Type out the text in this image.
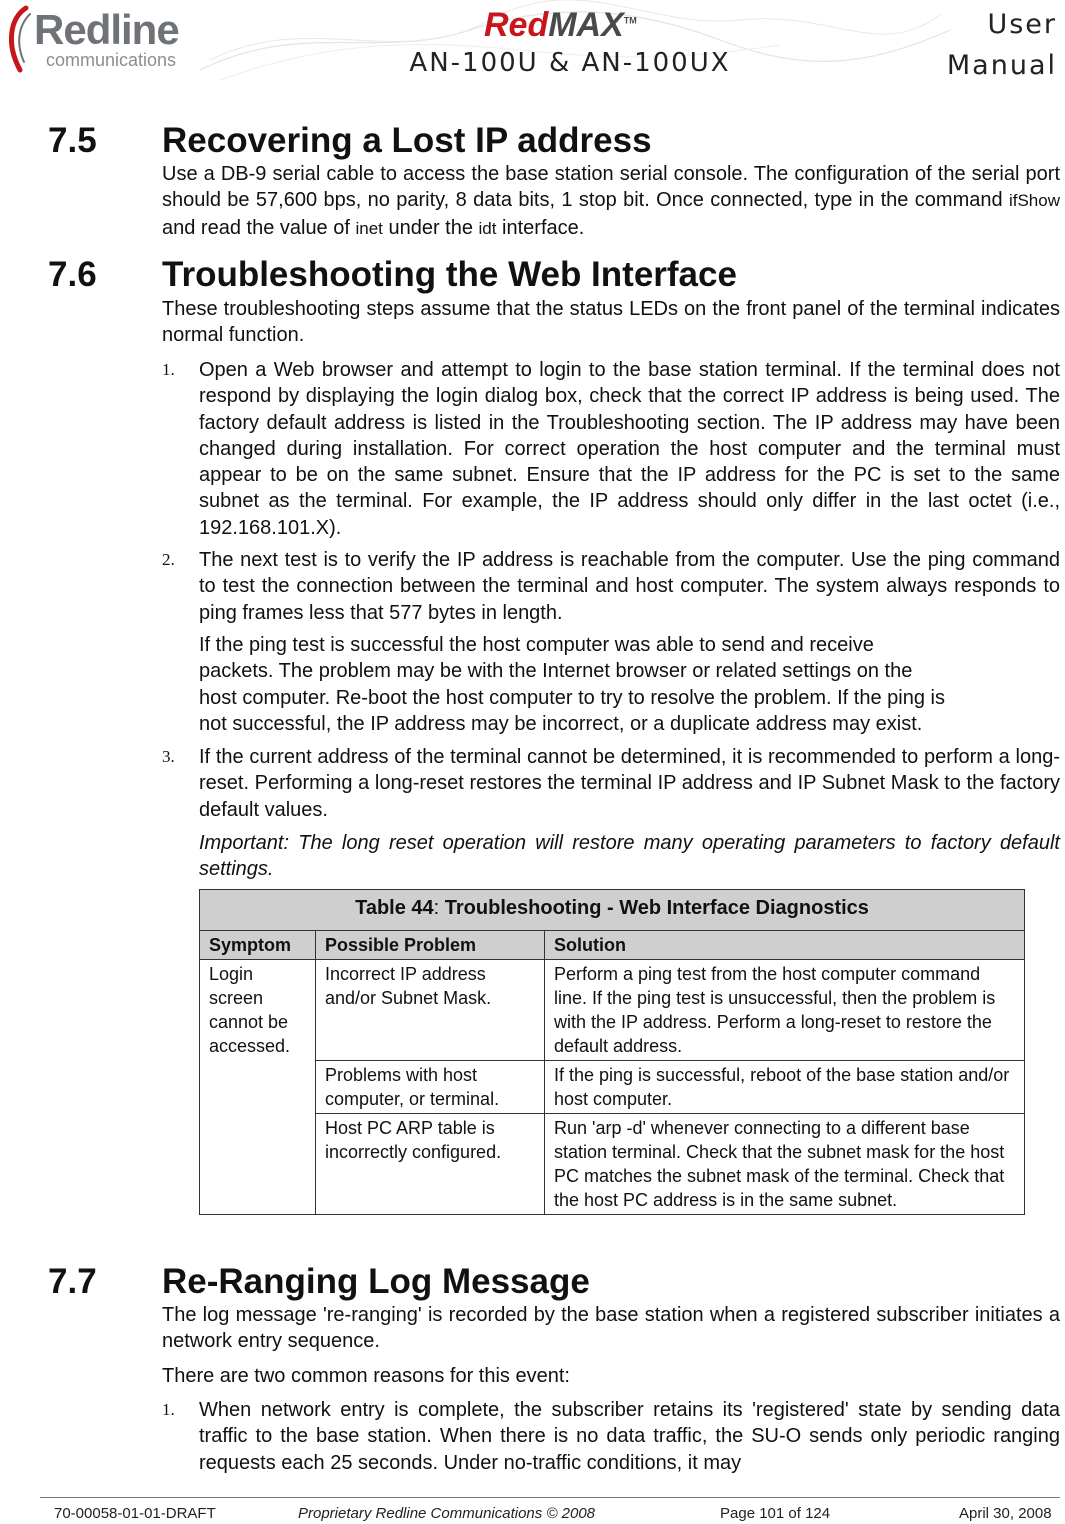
Redline
communications
RedMAX™
AN-100U & AN-100UX
User
Manual
7.5 Recovering a Lost IP address

Use a DB-9 serial cable to access the base station serial console. The configuration of the serial port should be 57,600 bps, no parity, 8 data bits, 1 stop bit. Once connected, type in the command ifShow and read the value of inet under the idt interface.

7.6 Troubleshooting the Web Interface

These troubleshooting steps assume that the status LEDs on the front panel of the terminal indicates normal function.

1. Open a Web browser and attempt to login to the base station terminal. If the terminal does not respond by displaying the login dialog box, check that the correct IP address is being used. The factory default address is listed in the Troubleshooting section. The IP address may have been changed during installation. For correct operation the host computer and the terminal must appear to be on the same subnet. Ensure that the IP address for the PC is set to the same subnet as the terminal. For example, the IP address should only differ in the last octet (i.e., 192.168.101.X).
2. The next test is to verify the IP address is reachable from the computer. Use the ping command to test the connection between the terminal and host computer. The system always responds to ping frames less that 577 bytes in length.
If the ping test is successful the host computer was able to send and receive
packets. The problem may be with the Internet browser or related settings on the
host computer. Re-boot the host computer to try to resolve the problem. If the ping is
not successful, the IP address may be incorrect, or a duplicate address may exist.
3. If the current address of the terminal cannot be determined, it is recommended to perform a long-reset. Performing a long-reset restores the terminal IP address and IP Subnet Mask to the factory default values.
Important: The long reset operation will restore many operating parameters to factory default settings.
Table 44: Troubleshooting - Web Interface Diagnostics		
Symptom	Possible Problem	Solution
Login screen cannot be accessed.	Incorrect IP address and/or Subnet Mask.	Perform a ping test from the host computer command line. If the ping test is unsuccessful, then the problem is with the IP address. Perform a long-reset to restore the default address.
	Problems with host computer, or terminal.	If the ping is successful, reboot of the base station and/or host computer.
	Host PC ARP table is incorrectly configured.	Run 'arp -d' whenever connecting to a different base station terminal. Check that the subnet mask for the host PC matches the subnet mask of the terminal. Check that the host PC address is in the same subnet.
7.7 Re-Ranging Log Message

The log message 're-ranging' is recorded by the base station when a registered subscriber initiates a network entry sequence.

There are two common reasons for this event:

1. When network entry is complete, the subscriber retains its 'registered' state by sending data traffic to the base station. When there is no data traffic, the SU-O sends only periodic ranging requests each 25 seconds. Under no-traffic conditions, it may
70-00058-01-01-DRAFT	Proprietary Redline Communications © 2008	Page 101 of 124	April 30, 2008
